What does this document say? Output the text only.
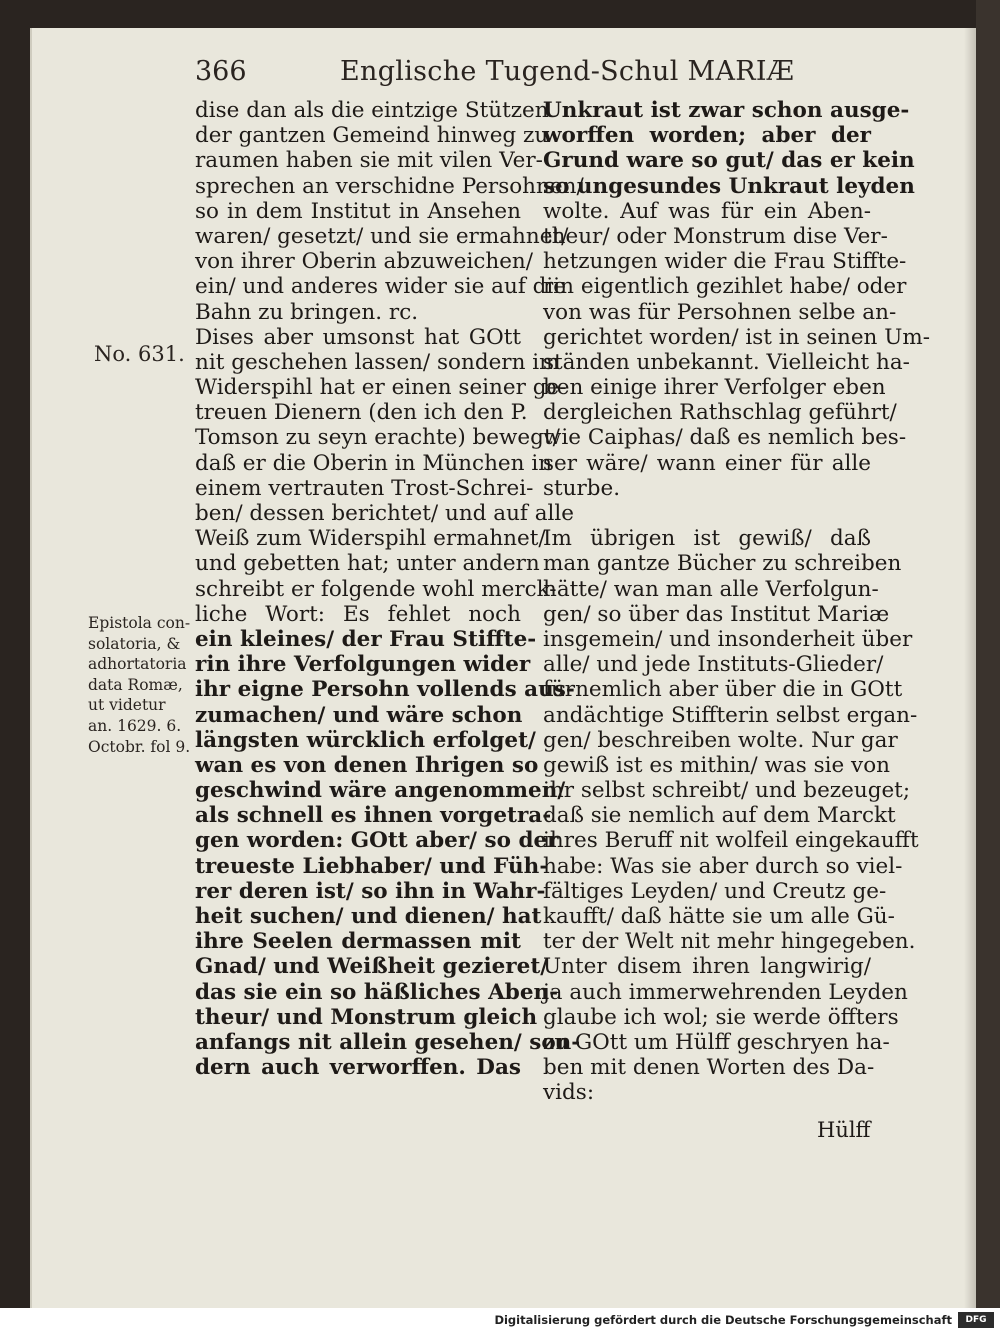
366	Englische Tugend-Schul MARIÆ
No. 631.
Epistola con-
solatoria, &
adhortatoria
data Romæ,
ut videtur
an. 1629. 6.
Octobr. fol 9.
dise dan als die eintzige Stützen
der gantzen Gemeind hinweg zu
raumen haben sie mit vilen Ver-
sprechen an verschidne Persohnen/
so in dem Institut in Ansehen
waren/ gesetzt/ und sie ermahnet/
von ihrer Oberin abzuweichen/
ein/ und anderes wider sie auf die
Bahn zu bringen. rc.
Dises aber umsonst hat GOtt
nit geschehen lassen/ sondern im
Widerspihl hat er einen seiner ge-
treuen Dienern (den ich den P.
Tomson zu seyn erachte) bewegt/
daß er die Oberin in München in
einem vertrauten Trost-Schrei-
ben/ dessen berichtet/ und auf alle
Weiß zum Widerspihl ermahnet/
und gebetten hat; unter andern
schreibt er folgende wohl merck-
liche Wort: Es fehlet noch
ein kleines/ der Frau Stiffte-
rin ihre Verfolgungen wider
ihr eigne Persohn vollends aus-
zumachen/ und wäre schon
längsten würcklich erfolget/
wan es von denen Ihrigen so
geschwind wäre angenommen/
als schnell es ihnen vorgetra-
gen worden: GOtt aber/ so der
treueste Liebhaber/ und Füh-
rer deren ist/ so ihn in Wahr-
heit suchen/ und dienen/ hat
ihre Seelen dermassen mit
Gnad/ und Weißheit gezieret/
das sie ein so häßliches Aben-
theur/ und Monstrum gleich
anfangs nit allein gesehen/ son-
dern auch verworffen. Das
Unkraut ist zwar schon ausge-
worffen worden; aber der
Grund ware so gut/ das er kein
so ungesundes Unkraut leyden
wolte. Auf was für ein Aben-
theur/ oder Monstrum dise Ver-
hetzungen wider die Frau Stiffte-
rin eigentlich gezihlet habe/ oder
von was für Persohnen selbe an-
gerichtet worden/ ist in seinen Um-
ständen unbekannt. Vielleicht ha-
ben einige ihrer Verfolger eben
dergleichen Rathschlag geführt/
wie Caiphas/ daß es nemlich bes-
ser wäre/ wann einer für alle
sturbe.
Im übrigen ist gewiß/ daß
man gantze Bücher zu schreiben
hätte/ wan man alle Verfolgun-
gen/ so über das Institut Mariæ
insgemein/ und insonderheit über
alle/ und jede Instituts-Glieder/
fürnemlich aber über die in GOtt
andächtige Stiffterin selbst ergan-
gen/ beschreiben wolte. Nur gar
gewiß ist es mithin/ was sie von
ihr selbst schreibt/ und bezeuget;
daß sie nemlich auf dem Marckt
ihres Beruff nit wolfeil eingekaufft
habe: Was sie aber durch so viel-
fältiges Leyden/ und Creutz ge-
kaufft/ daß hätte sie um alle Gü-
ter der Welt nit mehr hingegeben.
Unter disem ihren langwirig/
ja auch immerwehrenden Leyden
glaube ich wol; sie werde öffters
zu GOtt um Hülff geschryen ha-
ben mit denen Worten des Da-
vids:
Hülff
Digitalisierung gefördert durch die Deutsche Forschungsgemeinschaft	DFG
